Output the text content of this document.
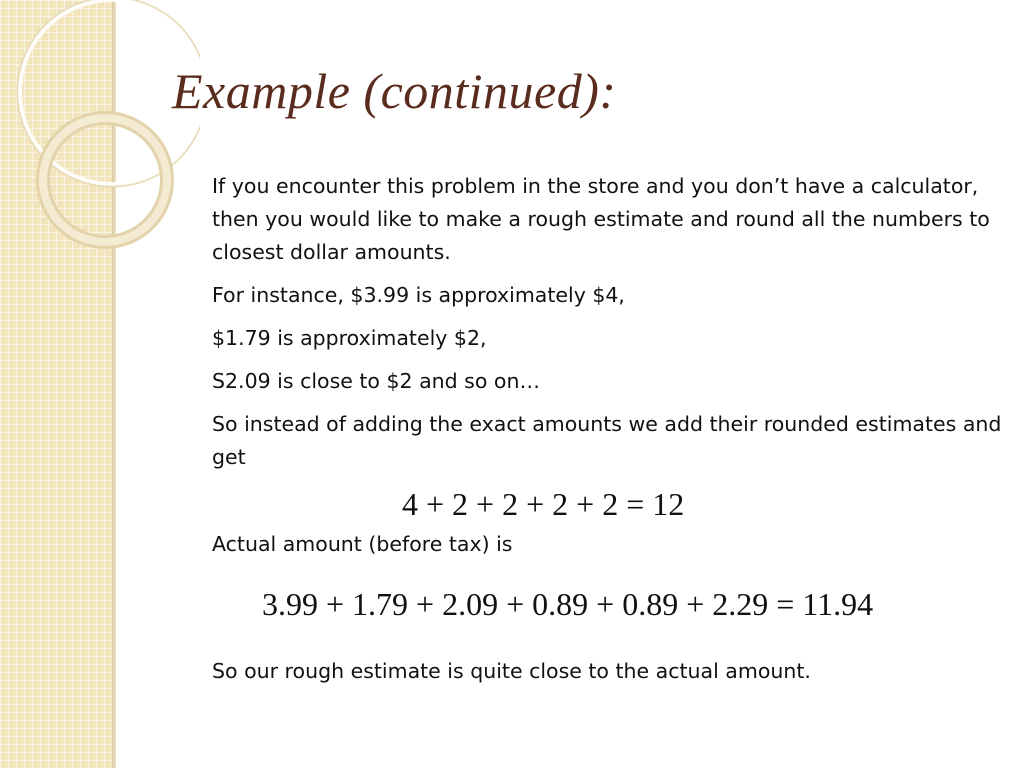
Example (continued):

If you encounter this problem in the store and you don’t have a calculator, then you would like to make a rough estimate and round all the numbers to closest dollar amounts.

For instance, $3.99 is approximately $4,

$1.79 is approximately $2,

S2.09 is close to $2 and so on…

So instead of adding the exact amounts we add their rounded estimates and get

4 + 2 + 2 + 2 + 2 = 12
Actual amount (before tax) is
3.99 + 1.79 + 2.09 + 0.89 + 0.89 + 2.29 = 11.94
So our rough estimate is quite close to the actual amount.
